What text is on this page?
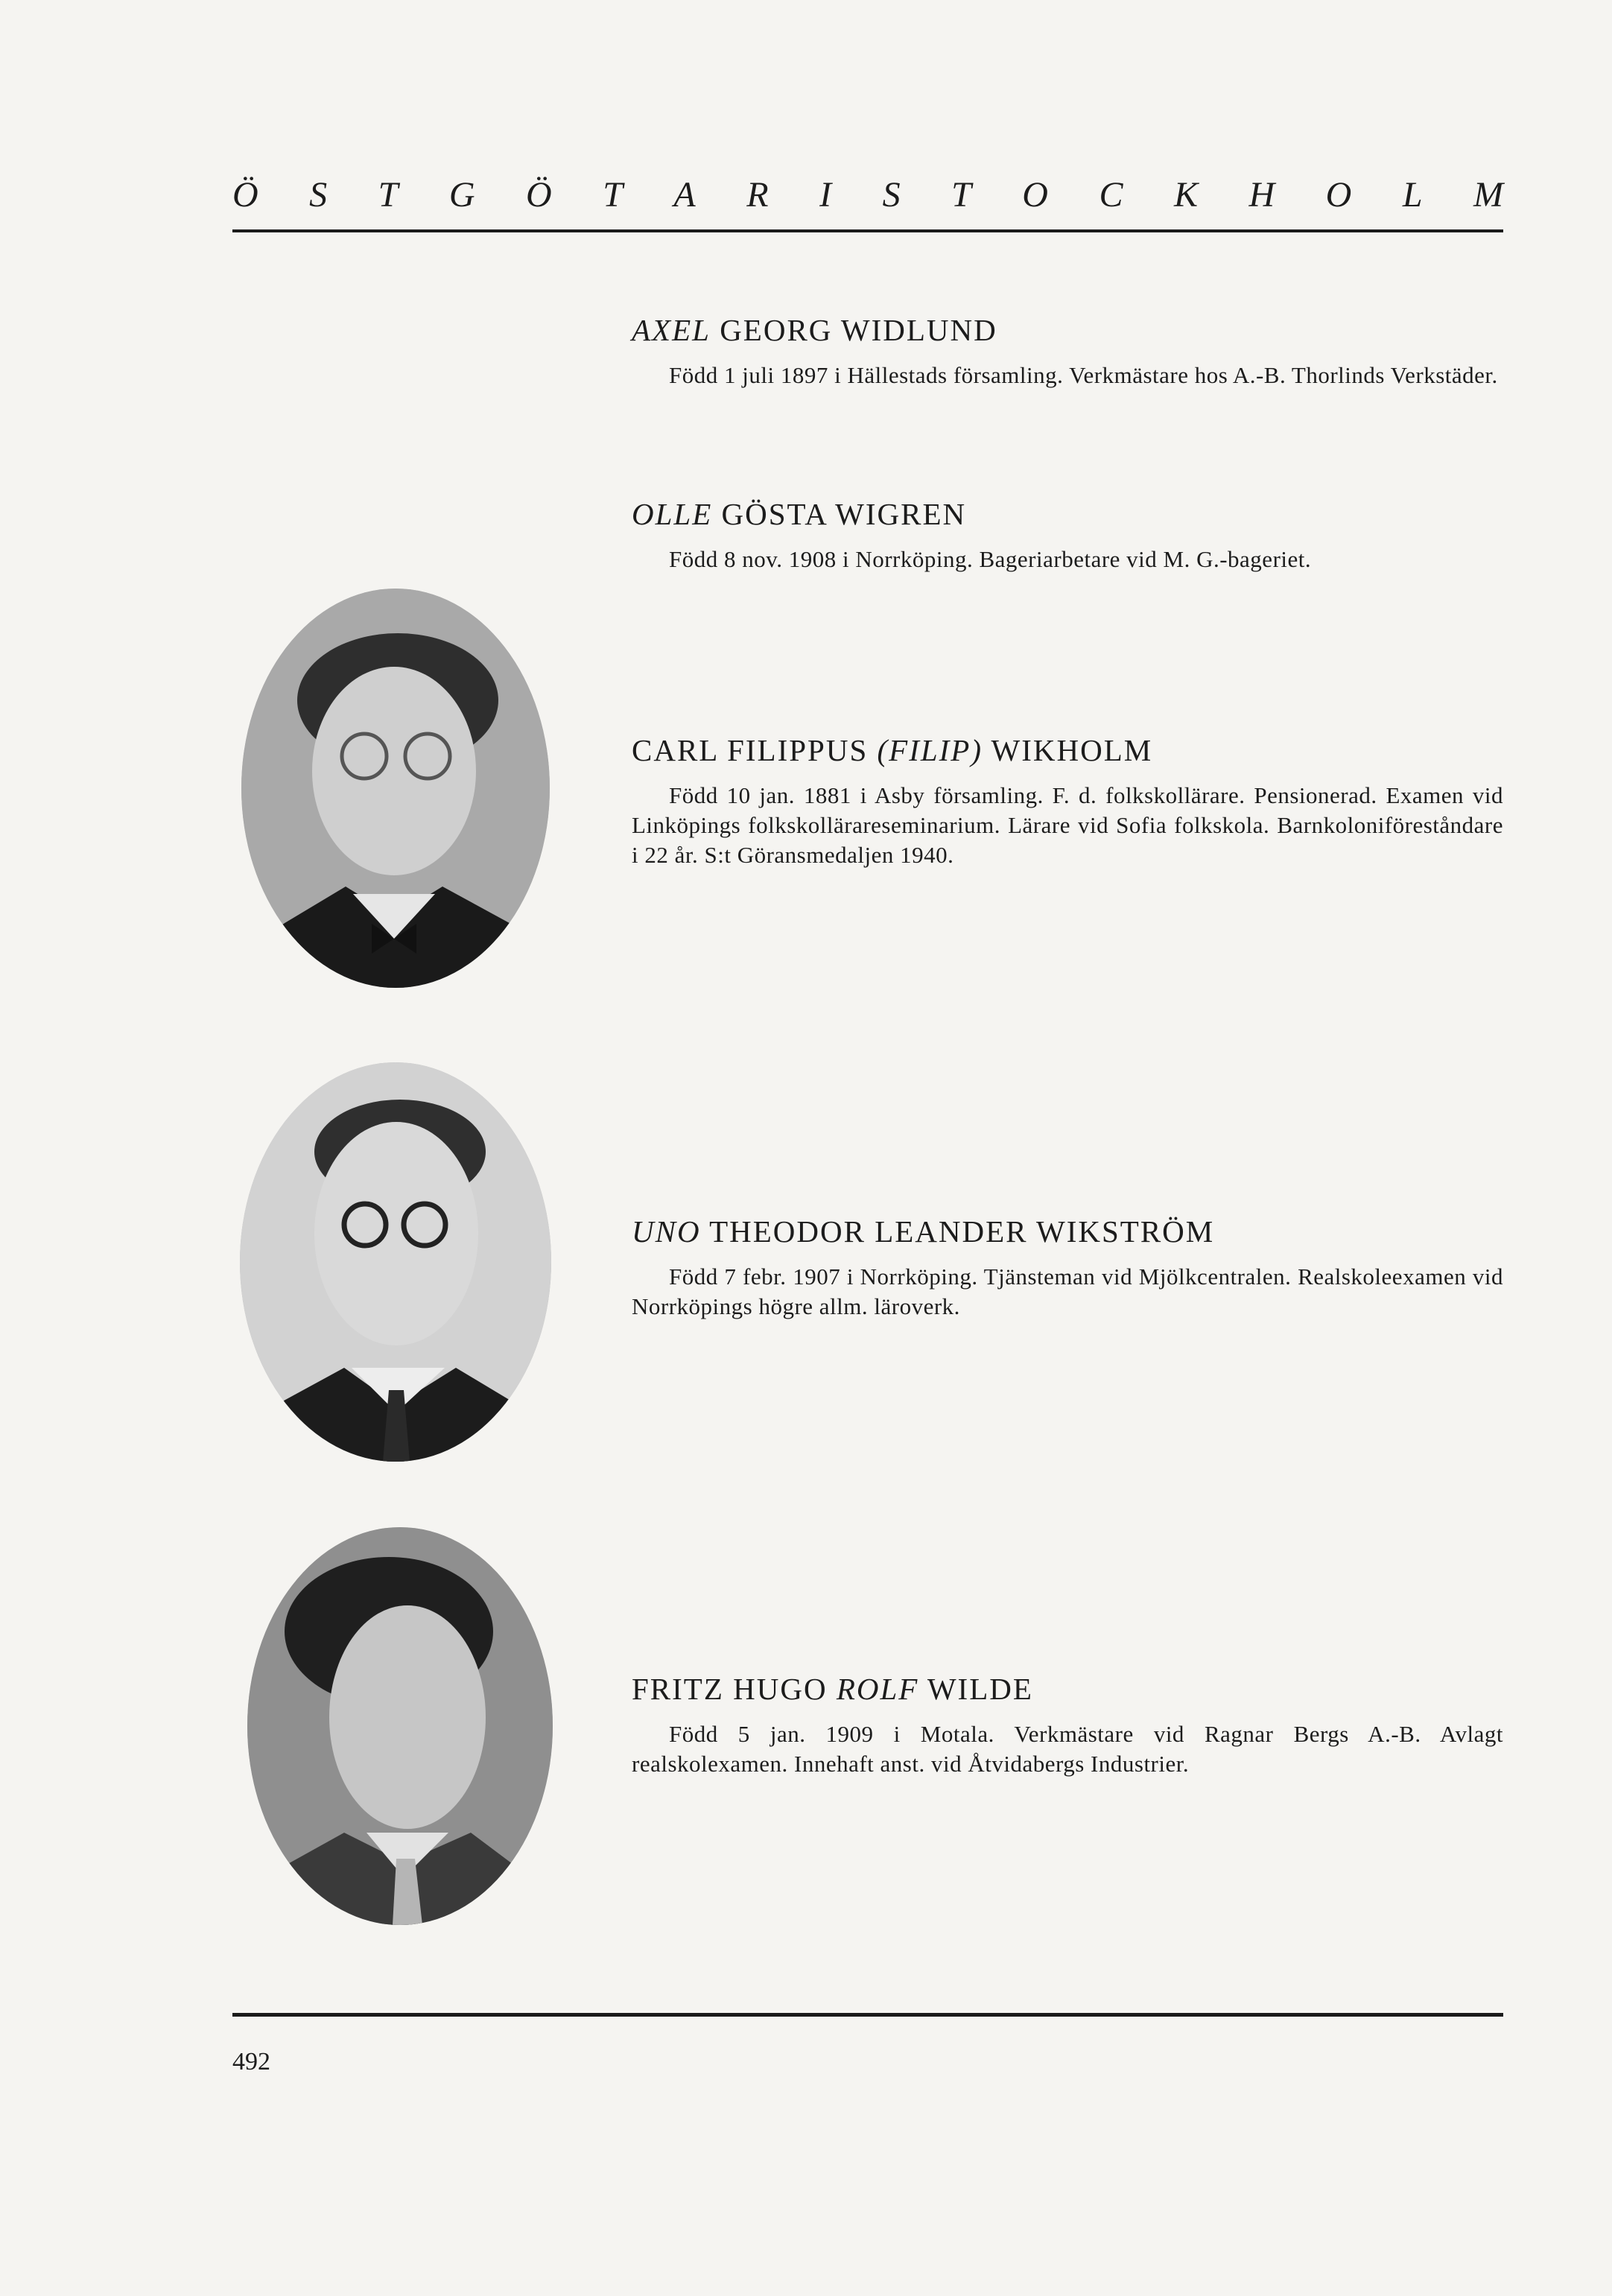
Ö S T G Ö T A R I S T O C K H O L M

AXEL GEORG WIDLUND

Född 1 juli 1897 i Hällestads församling. Verkmästare hos A.-B. Thorlinds Verkstäder.

OLLE GÖSTA WIGREN

Född 8 nov. 1908 i Norrköping. Bageriarbetare vid M. G.-bageriet.

CARL FILIPPUS (FILIP) WIKHOLM

Född 10 jan. 1881 i Asby församling. F. d. folkskollärare. Pensionerad. Examen vid Linköpings folkskollärareseminarium. Lärare vid Sofia folkskola. Barnkoloniföreståndare i 22 år. S:t Göransmedaljen 1940.

UNO THEODOR LEANDER WIKSTRÖM

Född 7 febr. 1907 i Norrköping. Tjänsteman vid Mjölkcentralen. Realskoleexamen vid Norrköpings högre allm. läroverk.

FRITZ HUGO ROLF WILDE

Född 5 jan. 1909 i Motala. Verkmästare vid Ragnar Bergs A.-B. Avlagt realskolexamen. Innehaft anst. vid Åtvidabergs Industrier.

492
